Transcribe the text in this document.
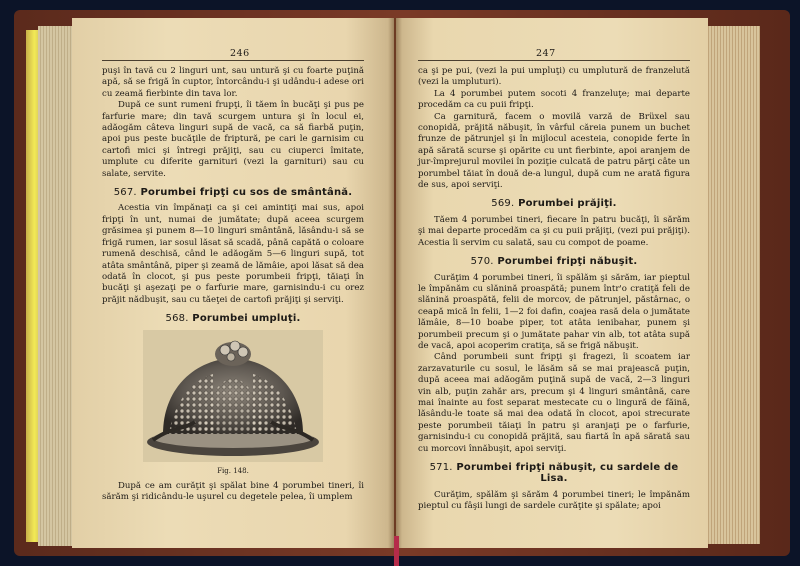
246

puşi în tavă cu 2 linguri unt, sau untură şi cu foarte puţină apă, să se frigă în cuptor, întorcându-i şi udându-i adese ori cu zeamă fierbinte din tava lor.

După ce sunt rumeni frupţi, îi tăem în bucăţi şi pus pe farfurie mare; din tavă scurgem untura şi în locul ei, adăogăm câteva linguri supă de vacă, ca să fiarbă puţin, apoi pus peste bucăţile de friptură, pe cari le garnisim cu cartofi mici şi întregi prăjiţi, sau cu ciuperci îmitate, umplute cu diferite garnituri (vezi la garnituri) sau cu salate, servite.

567. Porumbei fripţi cu sos de smântână.

Acestia vin împănaţi ca şi cei amintiţi mai sus, apoi fripţi în unt, numai de jumătate; după aceea scurgem grăsimea şi punem 8—10 linguri smântână, lăsându-i să se frigă rumen, iar sosul lăsat să scadă, până capătă o coloare rumenă deschisă, când le adăogăm 5—6 linguri supă, tot atâta smântână, piper şi zeamă de lămâie, apoi lăsat să dea odată în clocot, şi pus peste porumbeii fripţi, tăiaţi în bucăţi şi aşezaţi pe o farfurie mare, garnisindu-i cu orez prăjit nădbuşit, sau cu tăeţei de cartofi prăjiţi şi serviţi.

568. Porumbei umpluţi.
Fig. 148.

După ce am curăţit şi spălat bine 4 porumbei tineri, îi sărăm şi ridicându-le uşurel cu degetele pelea, îi umplem

247

ca şi pe pui, (vezi la pui umpluţi) cu umplutură de franzelută (vezi la umpluturi).

La 4 porumbei putem socoti 4 franzeluţe; mai departe procedăm ca cu puii fripţi.

Ca garnitură, facem o movilă varză de Brüxel sau conopidă, prăjită năbuşit, în vârful căreia punem un buchet frunze de pătrunjel şi în mijlocul acesteia, conopide ferte în apă sărată scurse şi opărite cu unt fierbinte, apoi aranjem de jur-împrejurul movilei în poziţie culcată de patru părţi câte un porumbel tăiat în două de-a lungul, după cum ne arată figura de sus, apoi serviţi.

569. Porumbei prăjiţi.

Tăem 4 porumbei tineri, fiecare în patru bucăţi, îi sărăm şi mai departe procedăm ca şi cu puii prăjiţi, (vezi pui prăjiţi). Acestia îi servim cu salată, sau cu compot de poame.

570. Porumbei fripţi năbuşit.

Curăţim 4 porumbei tineri, îi spălăm şi sărăm, iar pieptul le împănăm cu slănină proaspătă; punem într'o cratiţă feli de slănină proaspătă, felii de morcov, de pătrunjel, păstârnac, o ceapă mică în felii, 1—2 foi dafin, coajea rasă dela o jumătate lămâie, 8—10 boabe piper, tot atâta ienibahar, punem şi porumbeii precum şi o jumătate pahar vin alb, tot atâta supă de vacă, apoi acoperim cratiţa, să se frigă năbuşit.

Când porumbeii sunt fripţi şi fragezi, îi scoatem iar zarzavaturile cu sosul, le lăsăm să se mai prajească puţin, după aceea mai adăogăm puţină supă de vacă, 2—3 linguri vin alb, puţin zahăr ars, precum şi 4 linguri smântână, care mai înainte au fost separat mestecate cu o lingură de făină, lăsându-le toate să mai dea odată în clocot, apoi strecurate peste porumbeii tăiaţi în patru şi aranjaţi pe o farfurie, garnisindu-i cu conopidă prăjită, sau fiartă în apă sărată sau cu morcovi înnăbuşit, apoi serviţi.

571. Porumbei fripţi năbuşit, cu sardele de Lisa.

Curăţim, spălăm şi sărăm 4 porumbei tineri; le împănăm pieptul cu fâşii lungi de sardele curăţite şi spălate; apoi
